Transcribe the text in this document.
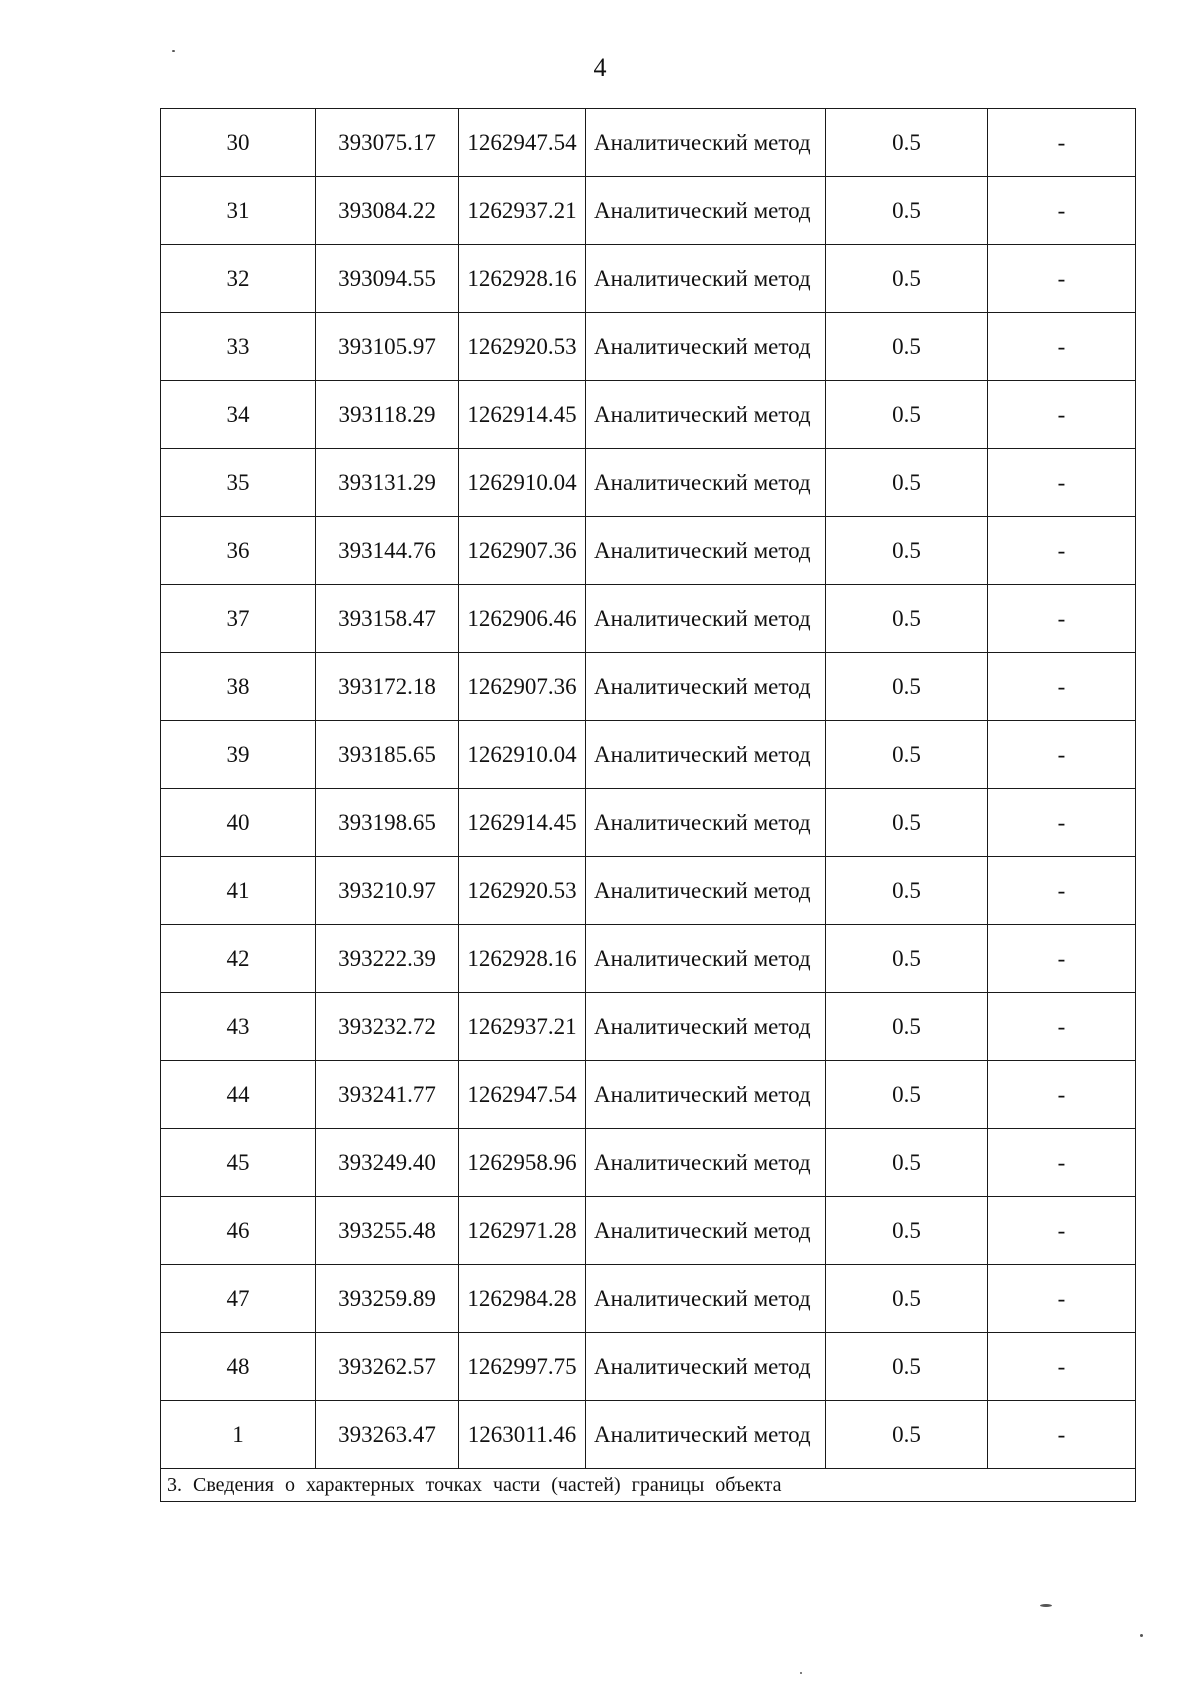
4
30	393075.17	1262947.54	Аналитический метод	0.5	-
31	393084.22	1262937.21	Аналитический метод	0.5	-
32	393094.55	1262928.16	Аналитический метод	0.5	-
33	393105.97	1262920.53	Аналитический метод	0.5	-
34	393118.29	1262914.45	Аналитический метод	0.5	-
35	393131.29	1262910.04	Аналитический метод	0.5	-
36	393144.76	1262907.36	Аналитический метод	0.5	-
37	393158.47	1262906.46	Аналитический метод	0.5	-
38	393172.18	1262907.36	Аналитический метод	0.5	-
39	393185.65	1262910.04	Аналитический метод	0.5	-
40	393198.65	1262914.45	Аналитический метод	0.5	-
41	393210.97	1262920.53	Аналитический метод	0.5	-
42	393222.39	1262928.16	Аналитический метод	0.5	-
43	393232.72	1262937.21	Аналитический метод	0.5	-
44	393241.77	1262947.54	Аналитический метод	0.5	-
45	393249.40	1262958.96	Аналитический метод	0.5	-
46	393255.48	1262971.28	Аналитический метод	0.5	-
47	393259.89	1262984.28	Аналитический метод	0.5	-
48	393262.57	1262997.75	Аналитический метод	0.5	-
1	393263.47	1263011.46	Аналитический метод	0.5	-
3. Сведения о характерных точках части (частей) границы объекта					
